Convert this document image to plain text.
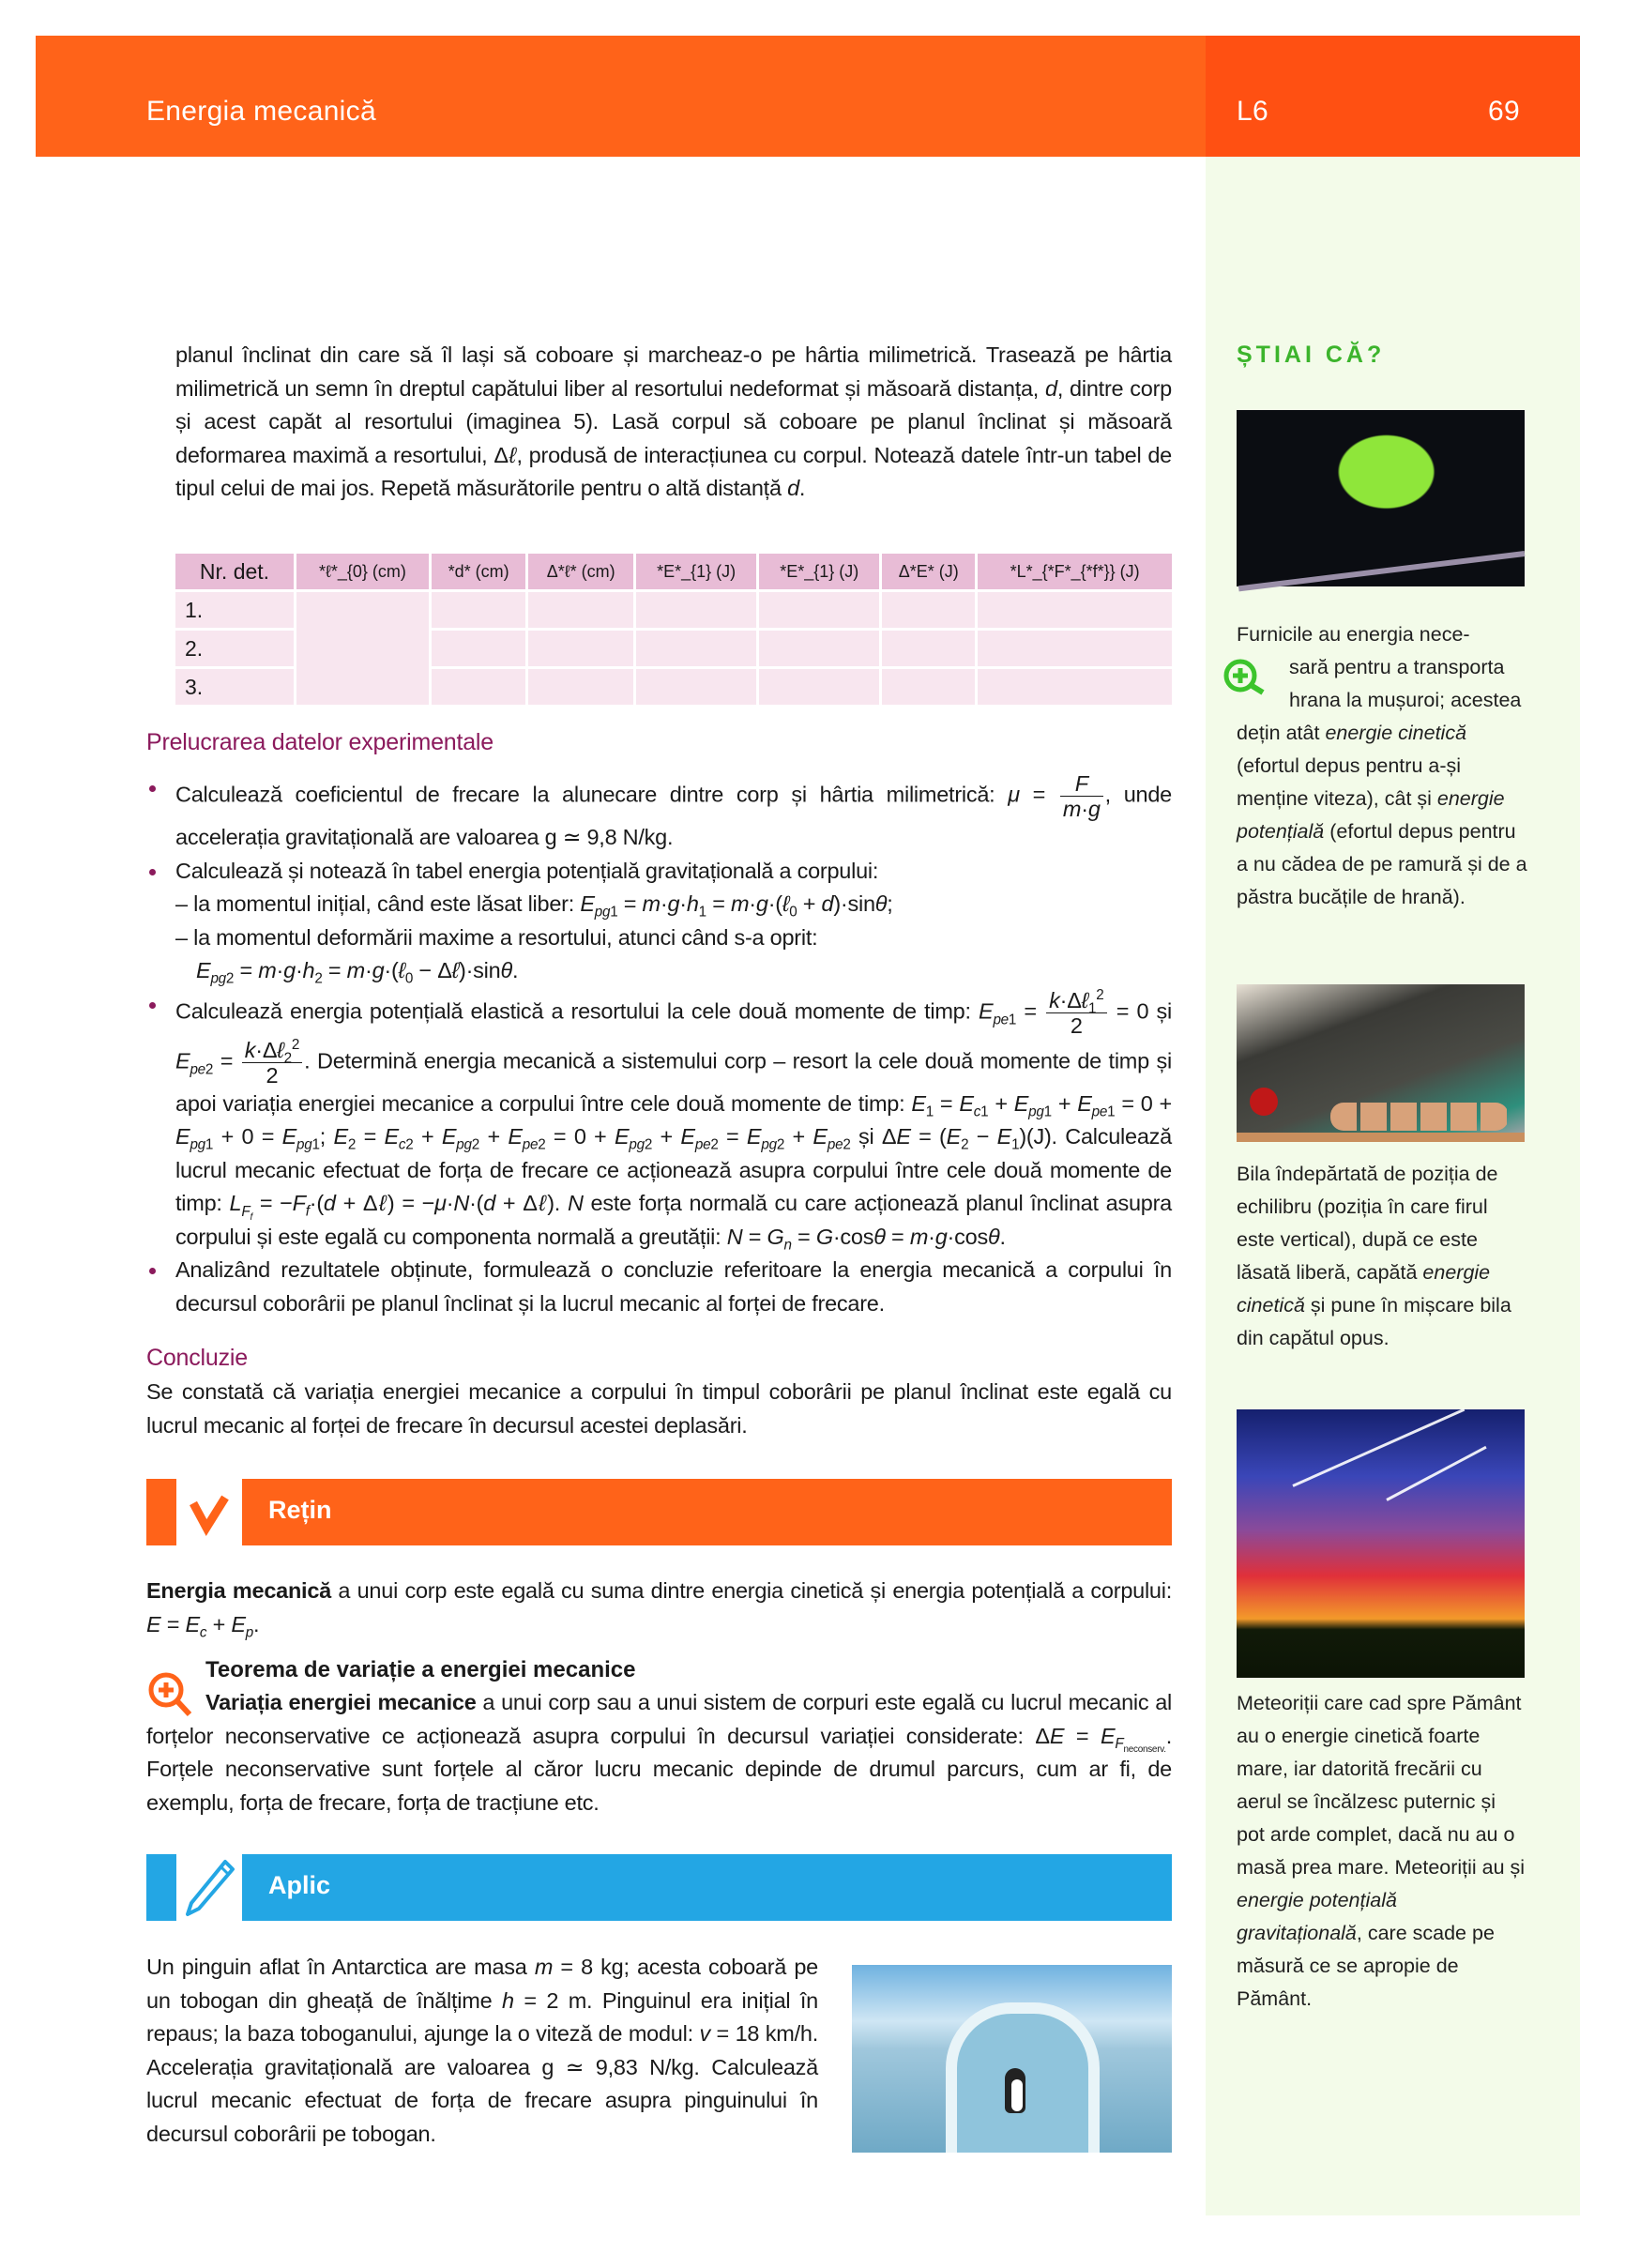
Energia mecanică	L6	69
planul înclinat din care să îl lași să coboare și marcheaz-o pe hârtia milimetrică. Trasează pe hârtia milimetrică un semn în dreptul capătului liber al resortului nedeformat și măsoară distanța, d, dintre corp și acest capăt al resortului (imaginea 5). Lasă corpul să coboare pe planul înclinat și măsoară deformarea maximă a resortului, Δℓ, produsă de interacțiunea cu corpul. Notează datele într-un tabel de tipul celui de mai jos. Repetă măsurătorile pentru o altă distanță d.
Nr. det.	*ℓ*_{0} (cm)	*d* (cm)	Δ*ℓ* (cm)	*E*_{1} (J)	*E*_{1} (J)	Δ*E* (J)	*L*_{*F*_{*f*}} (J)
1.							
2.							
3.							
Prelucrarea datelor experimentale
Calculează coeficientul de frecare la alunecare dintre corp și hârtia milimetrică: $\mu = \frac{F}{m\cdot g}$ , unde accelerația gravitațională are valoarea g ≃ 9,8 N/kg.
Calculează și notează în tabel energia potențială gravitațională a corpului:
– la momentul inițial, când este lăsat liber: $E_{pg1} = m\cdot g\cdot h_1$ = m·g·(ℓ$_0$ + d)·sinθ;
– la momentul deformării maxime a resortului, atunci când s-a oprit:
$E_{pg2} = m\cdot g\cdot h_2$ = m·g·(ℓ$_0$ − Δℓ)·sinθ.
Calculează energia potențială elastică a resortului la cele două momente de timp: $E_{pe1} = \frac{k\cdot\Delta\ell_1^2}{2} = 0$ și $E_{pe2} = \frac{k\cdot\Delta\ell_2^2}{2}$ . Determină energia mecanică a sistemului corp – resort la cele două momente de timp și apoi variația energiei mecanice a corpului între cele două momente de timp: $E_1 = E_{c1} + E_{pg1} + E_{pe1} = 0 + E_{pg1} + 0 = E_{pg1}$; $E_2 = E_{c2} + E_{pg2} + E_{pe2} = 0 + E_{pg2} + E_{pe2} = E_{pg2} + E_{pe2}$ și $\Delta E = (E_2 - E_1)(J)$. Calculează lucrul mecanic efectuat de forța de frecare ce acționează asupra corpului între cele două momente de timp: $L_{F_f} = -F_f\cdot(d$ + Δℓ) = −μ·N·(d + Δℓ). N este forța normală cu care acționează planul înclinat asupra corpului și este egală cu componenta normală a greutății: $N = G_n = G\cdot\cos\theta = m\cdot g\cdot\cos\theta$.
Analizând rezultatele obținute, formulează o concluzie referitoare la energia mecanică a corpului în decursul coborârii pe planul înclinat și la lucrul mecanic al forței de frecare.
Concluzie
Se constată că variația energiei mecanice a corpului în timpul coborârii pe planul înclinat este egală cu lucrul mecanic al forței de frecare în decursul acestei deplasări.
Rețin
Energia mecanică a unui corp este egală cu suma dintre energia cinetică și energia potențială a corpului: $E = E_c + E_p$.
Teorema de variație a energiei mecanice
Variația energiei mecanice a unui corp sau a unui sistem de corpuri este egală cu lucrul mecanic al forțelor neconservative ce acționează asupra corpului în decursul variației considerate: $\Delta E = E_{F_{neconserv.}}$. Forțele neconservative sunt forțele al căror lucru mecanic depinde de drumul parcurs, cum ar fi, de exemplu, forța de frecare, forța de tracțiune etc.
Aplic
Un pinguin aflat în Antarctica are masa m = 8 kg; acesta coboară pe un tobogan din gheață de înălțime h = 2 m. Pinguinul era inițial în repaus; la baza toboganului, ajunge la o viteză de modul: v = 18 km/h. Accelerația gravitațională are valoarea g ≃ 9,83 N/kg. Calculează lucrul mecanic efectuat de forța de frecare asupra pinguinului în decursul coborârii pe tobogan.
ȘTIAI CĂ?
Furnicile au energia nece-
sară pentru a transporta hrana la mușuroi; acestea dețin atât energie cinetică (efortul depus pentru a-și menține viteza), cât și energie potențială (efortul depus pentru a nu cădea de pe ramură și de a păstra bucățile de hrană).
Bila îndepărtată de poziția de echilibru (poziția în care firul este vertical), după ce este lăsată liberă, capătă energie cinetică și pune în mișcare bila din capătul opus.
Meteoriții care cad spre Pământ au o energie cinetică foarte mare, iar datorită frecării cu aerul se încălzesc puternic și pot arde complet, dacă nu au o masă prea mare. Meteoriții au și energie potențială gravitațională, care scade pe măsură ce se apropie de Pământ.
